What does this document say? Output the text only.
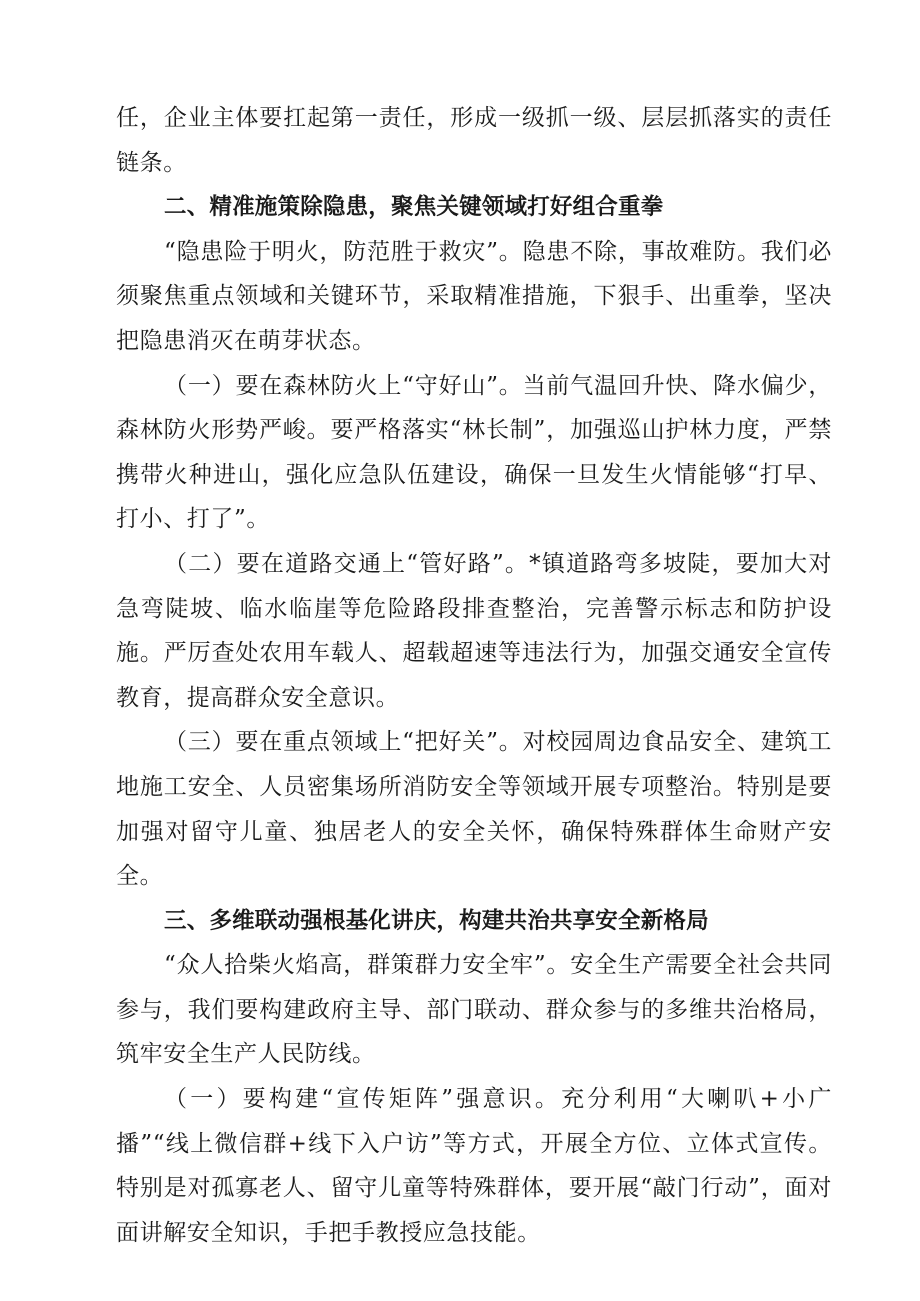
任，企业主体要扛起第一责任，形成一级抓一级、层层抓落实的责任链条。

二、精准施策除隐患，聚焦关键领域打好组合重拳

“隐患险于明火，防范胜于救灾”。隐患不除，事故难防。我们必须聚焦重点领域和关键环节，采取精准措施，下狠手、出重拳，坚决把隐患消灭在萌芽状态。

（一）要在森林防火上“守好山”。当前气温回升快、降水偏少，森林防火形势严峻。要严格落实“林长制”，加强巡山护林力度，严禁携带火种进山，强化应急队伍建设，确保一旦发生火情能够“打早、打小、打了”。

（二）要在道路交通上“管好路”。*镇道路弯多坡陡，要加大对急弯陡坡、临水临崖等危险路段排查整治，完善警示标志和防护设施。严厉查处农用车载人、超载超速等违法行为，加强交通安全宣传教育，提高群众安全意识。

（三）要在重点领域上“把好关”。对校园周边食品安全、建筑工地施工安全、人员密集场所消防安全等领域开展专项整治。特别是要加强对留守儿童、独居老人的安全关怀，确保特殊群体生命财产安全。

三、多维联动强根基化讲庆，构建共治共享安全新格局

“众人拾柴火焰高，群策群力安全牢”。安全生产需要全社会共同参与，我们要构建政府主导、部门联动、群众参与的多维共治格局，筑牢安全生产人民防线。

（一）要构建“宣传矩阵”强意识。充分利用“大喇叭+小广播”“线上微信群+线下入户访”等方式，开展全方位、立体式宣传。特别是对孤寡老人、留守儿童等特殊群体，要开展“敲门行动”，面对面讲解安全知识，手把手教授应急技能。
